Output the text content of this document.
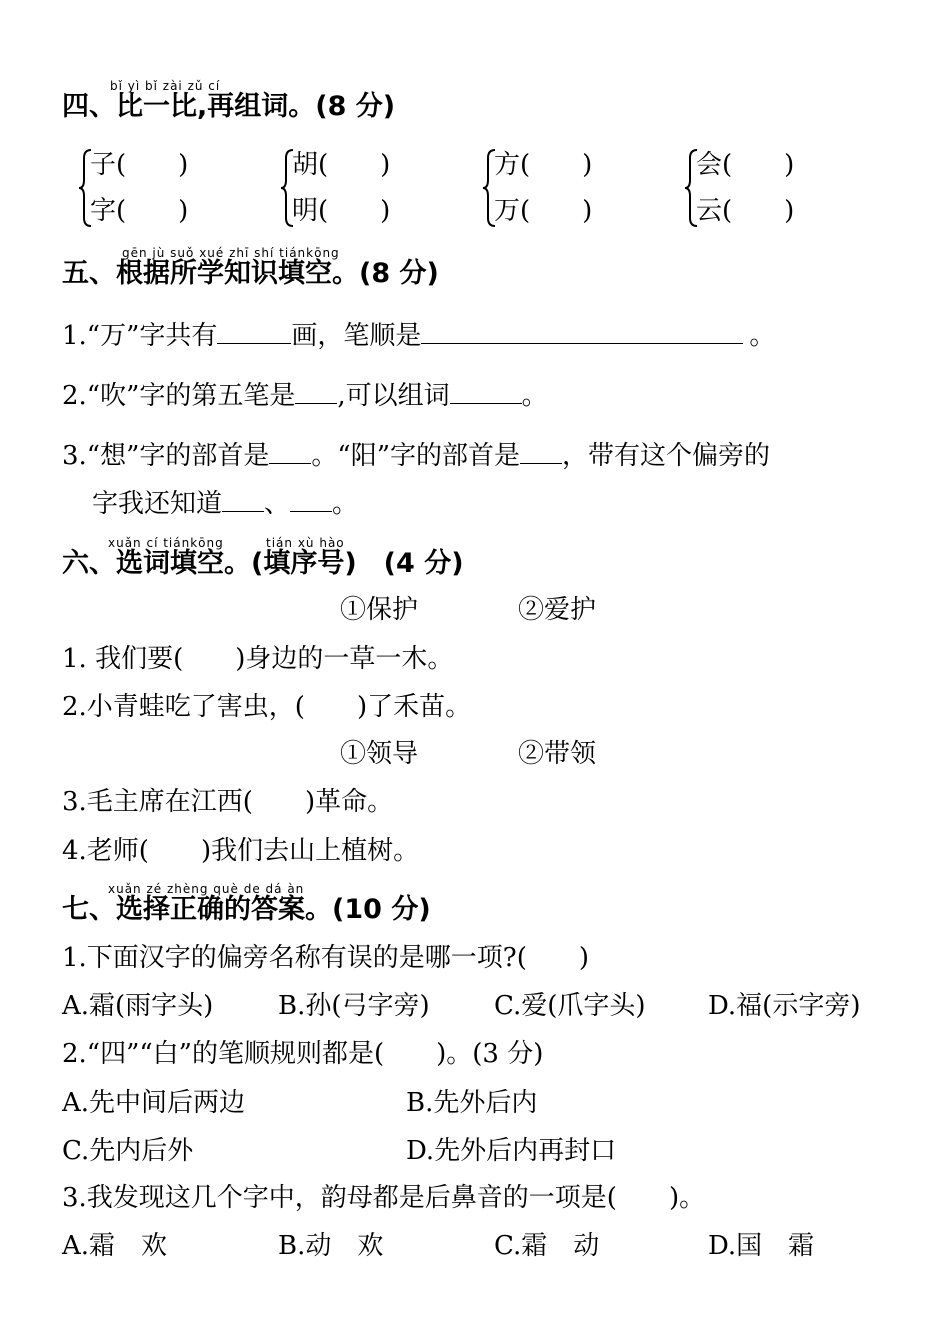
bǐ yì bǐ zài zǔ cí
四、比一比,再组词。(8 分)
子(　　)
字(　　)
胡(　　)
明(　　)
方(　　)
万(　　)
会(　　)
云(　　)
gēn jù suǒ xué zhī shí tiánkōng
五、根据所学知识填空。(8 分)
1.“万”字共有	画，笔顺是	。
2.“吹”字的第五笔是 ,可以组词	。
3.“想”字的部首是 。“阳”字的部首是 ，带有这个偏旁的
字我还知道 、 。
xuǎn cí tiánkōng	tián xù hào
六、选词填空。(填序号)　(4 分)
①保护	②爱护
1. 我们要(　　)身边的一草一木。
2.小青蛙吃了害虫，(　　)了禾苗。
①领导	②带领
3.毛主席在江西(　　)革命。
4.老师(　　)我们去山上植树。
xuǎn zé zhèng què de dá àn
七、选择正确的答案。(10 分)
1.下面汉字的偏旁名称有误的是哪一项?(　　)
A.霜(雨字头) B.孙(弓字旁) C.爱(爪字头) D.福(示字旁)
2.“四”“白”的笔顺规则都是(　　)。(3 分)
A.先中间后两边	B.先外后内
C.先内后外	D.先外后内再封口
3.我发现这几个字中，韵母都是后鼻音的一项是(　　)。
A.霜　欢	B.动　欢	C.霜　动	D.国　霜
